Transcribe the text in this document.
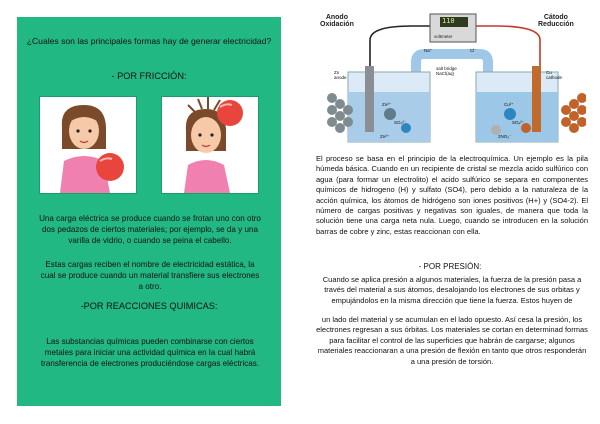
¿Cuales son las principales formas hay de generar electricidad?
- POR FRICCIÓN:
Una carga eléctrica se produce cuando se frotan uno con otro dos pedazos de ciertos materiales; por ejemplo, se da y una varilla de vidrio, o cuando se peina el cabello.
Estas cargas reciben el nombre de electricidad estática, la cual se produce cuando un material transfiere sus electrones a otro.
-POR REACCIONES QUIMICAS:
Las substancias químicas pueden combinarse con ciertos metales para iniciar una actividad química en la cual habrá transferencia de electrones produciéndose cargas eléctricas.
Anodo
Oxidación
Cátodo
Reducción
110
voltmeter
Zn
anode
Cu
cathode
salt bridge
NaCl(aq)
Zn²⁺	Cu²⁺
SO₄²⁻	SO₄²⁻
Na⁺	Cl⁻
Zn²⁺	2NO₃⁻
El proceso se basa en el principio de la electroquímica. Un ejemplo es la pila húmeda básica. Cuando en un recipiente de cristal se mezcla acido sulfúrico con agua (para formar un electrolito) el acido sulfúrico se separa en componentes químicos de hidrogeno (H) y sulfato (SO4), pero debido a la naturaleza de la acción química, los átomos de hidrógeno son iones positivos (H+) y (SO4-2). El número de cargas positivas y negativas son iguales, de manera que toda la solución tiene una carga neta nula. Luego, cuando se introducen en la solución barras de cobre y zinc, estas reaccionan con ella.
- POR PRESIÓN:
Cuando se aplica presión a algunos materiales, la fuerza de la presión pasa a través del material a sus átomos, desalojando los electrones de sus orbitas y empujándolos en la misma dirección que tiene la fuerza. Estos huyen de
un lado del material y se acumulan en el lado opuesto. Así cesa la presión, los electrones regresan a sus órbitas. Los materiales se cortan en determinad formas para facilitar el control de las superficies que habrán de cargarse; algunos materiales reaccionaran a una presión de flexión en tanto que otros responderán a una presión de torsión.
